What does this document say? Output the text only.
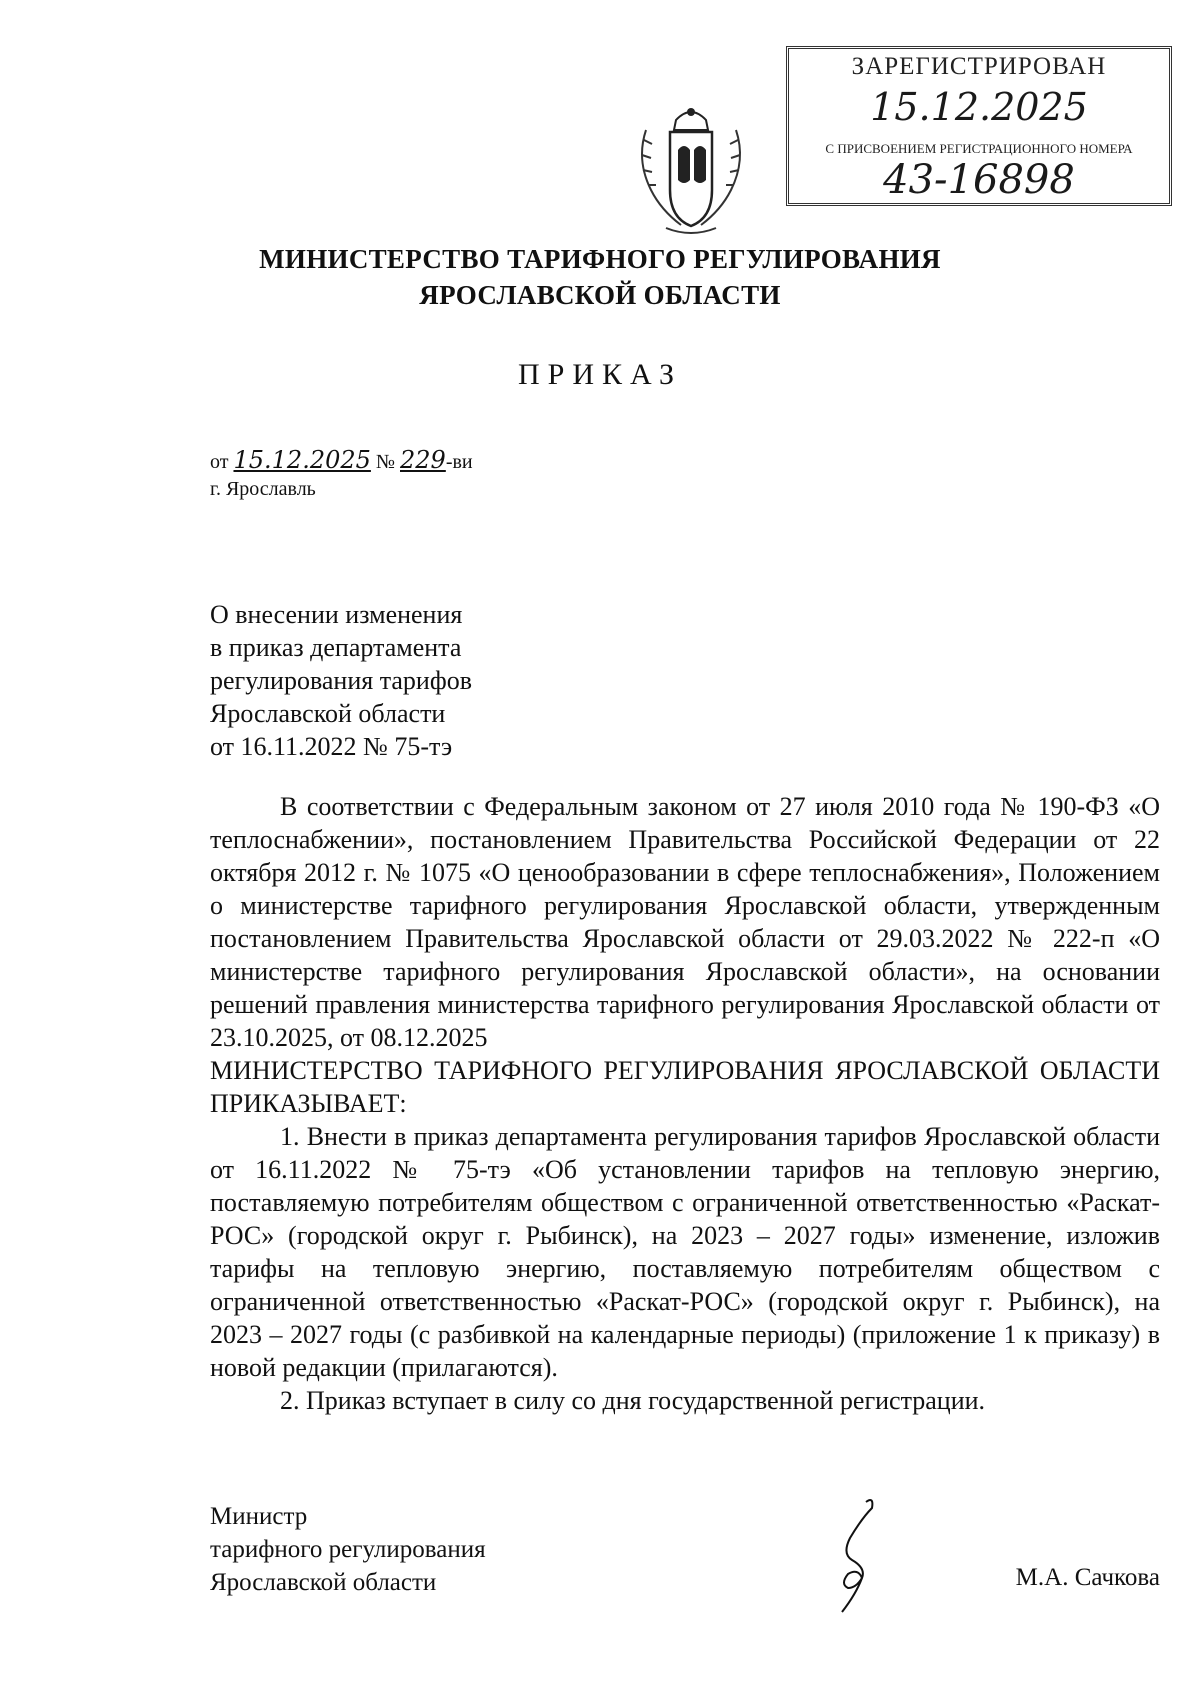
ЗАРЕГИСТРИРОВАН
15.12.2025
С ПРИСВОЕНИЕМ РЕГИСТРАЦИОННОГО НОМЕРА
43-16898
МИНИСТЕРСТВО ТАРИФНОГО РЕГУЛИРОВАНИЯ
ЯРОСЛАВСКОЙ ОБЛАСТИ
ПРИКАЗ
от 15.12.2025 № 229-ви
г. Ярославль
О внесении изменения
в приказ департамента
регулирования тарифов
Ярославской области
от 16.11.2022 № 75-тэ

В соответствии с Федеральным законом от 27 июля 2010 года № 190-ФЗ «О теплоснабжении», постановлением Правительства Российской Федерации от 22 октября 2012 г. № 1075 «О ценообразовании в сфере теплоснабжения», Положением о министерстве тарифного регулирования Ярославской области, утвержденным постановлением Правительства Ярославской области от 29.03.2022 № 222-п «О министерстве тарифного регулирования Ярославской области», на основании решений правления министерства тарифного регулирования Ярославской области от 23.10.2025, от 08.12.2025

МИНИСТЕРСТВО ТАРИФНОГО РЕГУЛИРОВАНИЯ ЯРОСЛАВСКОЙ ОБЛАСТИ ПРИКАЗЫВАЕТ:

1. Внести в приказ департамента регулирования тарифов Ярославской области от 16.11.2022 № 75-тэ «Об установлении тарифов на тепловую энергию, поставляемую потребителям обществом с ограниченной ответственностью «Раскат-РОС» (городской округ г. Рыбинск), на 2023 – 2027 годы» изменение, изложив тарифы на тепловую энергию, поставляемую потребителям обществом с ограниченной ответственностью «Раскат-РОС» (городской округ г. Рыбинск), на 2023 – 2027 годы (с разбивкой на календарные периоды) (приложение 1 к приказу) в новой редакции (прилагаются).

2. Приказ вступает в силу со дня государственной регистрации.

Министр
тарифного регулирования
Ярославской области	М.А. Сачкова
